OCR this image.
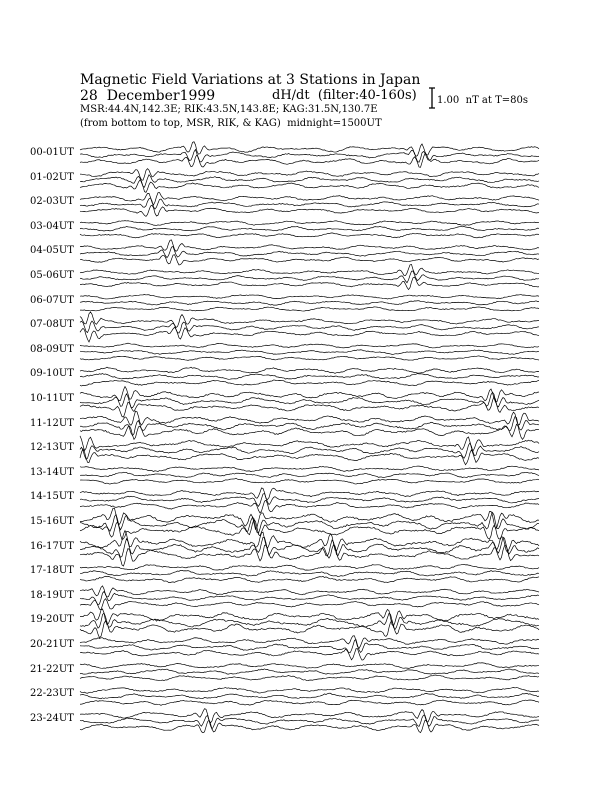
Magnetic Field Variations at 3 Stations in Japan
28  December1999	dH/dt  (filter:40-160s)
MSR:44.4N,142.3E; RIK:43.5N,143.8E; KAG:31.5N,130.7E
(from bottom to top, MSR, RIK, & KAG)  midnight=1500UT
1.00  nT at T=80s
00-01UT
01-02UT
02-03UT
03-04UT
04-05UT
05-06UT
06-07UT
07-08UT
08-09UT
09-10UT
10-11UT
11-12UT
12-13UT
13-14UT
14-15UT
15-16UT
16-17UT
17-18UT
18-19UT
19-20UT
20-21UT
21-22UT
22-23UT
23-24UT
